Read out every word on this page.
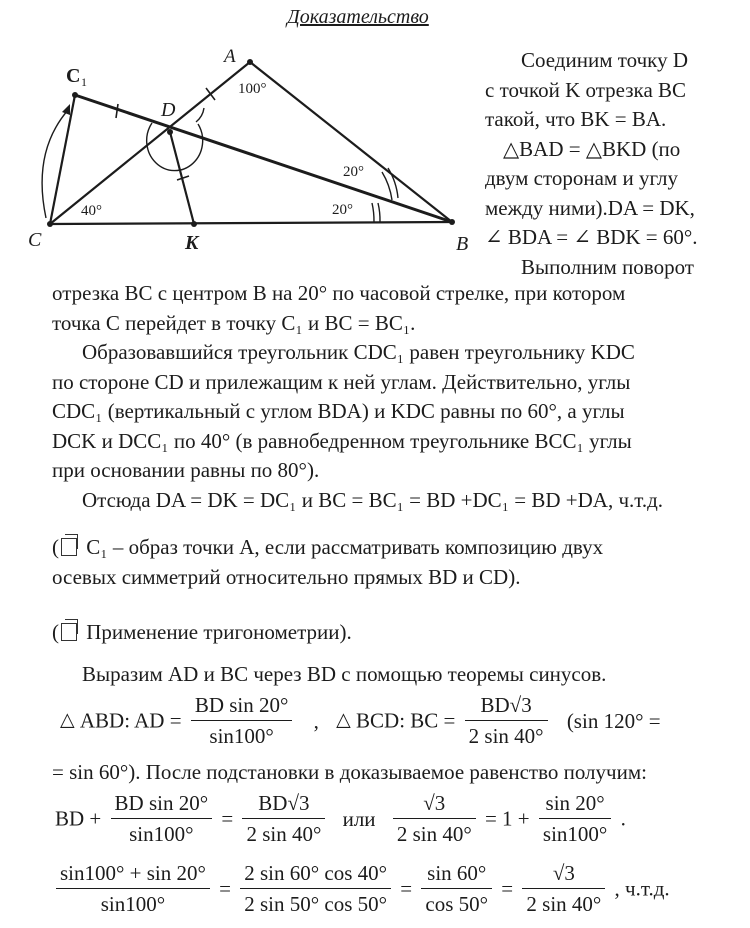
Доказательство
C 1
A
D
C	K	B
100°
40°
20°
20°
Соединим точку D
с точкой K отрезка BC
такой, что BK = BA.
△BAD = △BKD (по
двум сторонам и углу
между ними).DA = DK,
∠ BDA = ∠ BDK = 60°.
Выполним поворот
отрезка BC с центром B на 20° по часовой стрелке, при котором
точка C перейдет в точку C₁ и BC = BC₁.
Образовавшийся треугольник CDC₁ равен треугольнику KDC
по стороне CD и прилежащим к ней углам. Действительно, углы
CDC₁ (вертикальный с углом BDA) и KDC равны по 60°, а углы
DCK и DCC₁ по 40° (в равнобедренном треугольнике BCC₁ углы
при основании равны по 80°).
Отсюда DA = DK = DC₁ и BC = BC₁ = BD +DC₁ = BD +DA, ч.т.д.
( C₁ – образ точки A, если рассматривать композицию двух
осевых симметрий относительно прямых BD и CD).
( Применение тригонометрии).
Выразим AD и BC через BD с помощью теоремы синусов.
△ ABD: AD = $\frac{\text{BD sin 20°}}{\sin 100^\circ}$ , △ BCD: BC = $\frac{BD√3}{2 \sin 40^\circ} (\sin$ 120° =
= sin 60°). После подстановки в доказываемое равенство получим:
BD + $\frac{\text{BD sin 20°}}{\sin 100^\circ} = \frac{BD√3}{2 \sin 40^\circ}$ или $\frac{√3}{2 \sin 40^\circ} = 1 + \frac{\sin 20^\circ}{\sin 100^\circ}$ .
$\frac{\sin 100^\circ + \sin 20^\circ}{\sin 100^\circ} = \frac{2 \sin 60^\circ \cos 40^\circ}{2 \sin 50^\circ \cos 50^\circ} = \frac{\sin 60^\circ}{\cos 50^\circ} = \frac{√3}{2 \sin 40^\circ}$ , ч.т.д.
